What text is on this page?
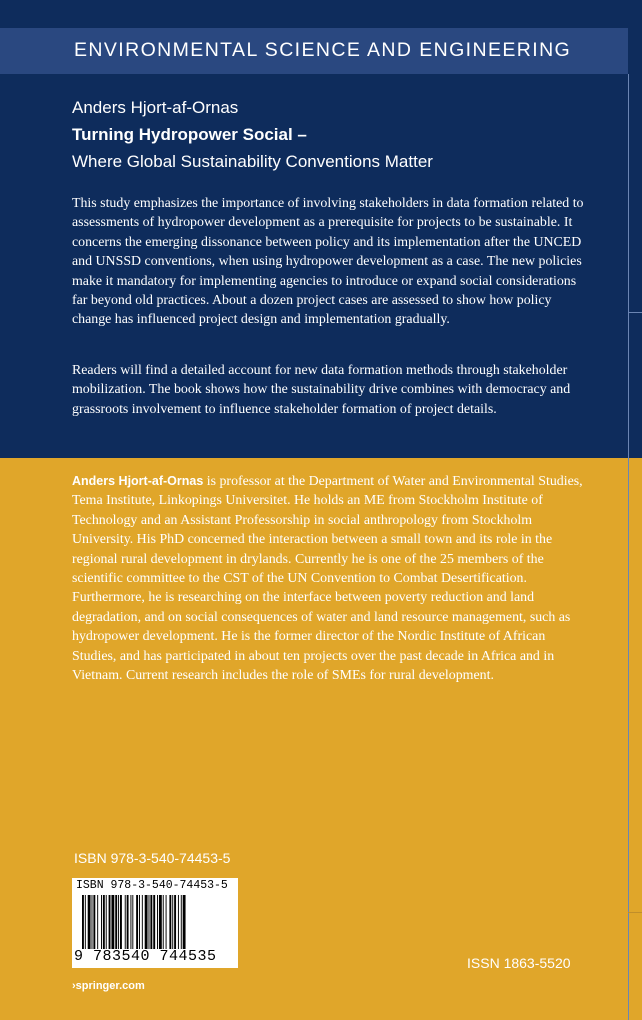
ENVIRONMENTAL SCIENCE AND ENGINEERING
Anders Hjort-af-Ornas
Turning Hydropower Social –
Where Global Sustainability Conventions Matter
This study emphasizes the importance of involving stakeholders in data formation related to assessments of hydropower development as a prerequisite for projects to be sustainable. It concerns the emerging dissonance between policy and its implementation after the UNCED and UNSSD conventions, when using hydropower development as a case. The new policies make it mandatory for implementing agencies to introduce or expand social considerations far beyond old practices. About a dozen project cases are assessed to show how policy change has influenced project design and implementation gradually.
Readers will find a detailed account for new data formation methods through stakeholder mobilization. The book shows how the sustainability drive combines with democracy and grassroots involvement to influence stakeholder formation of project details.
Anders Hjort-af-Ornas is professor at the Department of Water and Environmental Studies, Tema Institute, Linkopings Universitet. He holds an ME from Stockholm Institute of Technology and an Assistant Professorship in social anthropology from Stockholm University. His PhD concerned the interaction between a small town and its role in the regional rural development in drylands. Currently he is one of the 25 members of the scientific committee to the CST of the UN Convention to Combat Desertification. Furthermore, he is researching on the interface between poverty reduction and land degradation, and on social consequences of water and land resource management, such as hydropower development. He is the former director of the Nordic Institute of African Studies, and has participated in about ten projects over the past decade in Africa and in Vietnam. Current research includes the role of SMEs for rural development.
ISBN 978-3-540-74453-5
ISBN 978-3-540-74453-5
9 783540 744535	ISSN 1863-5520
›springer.com
